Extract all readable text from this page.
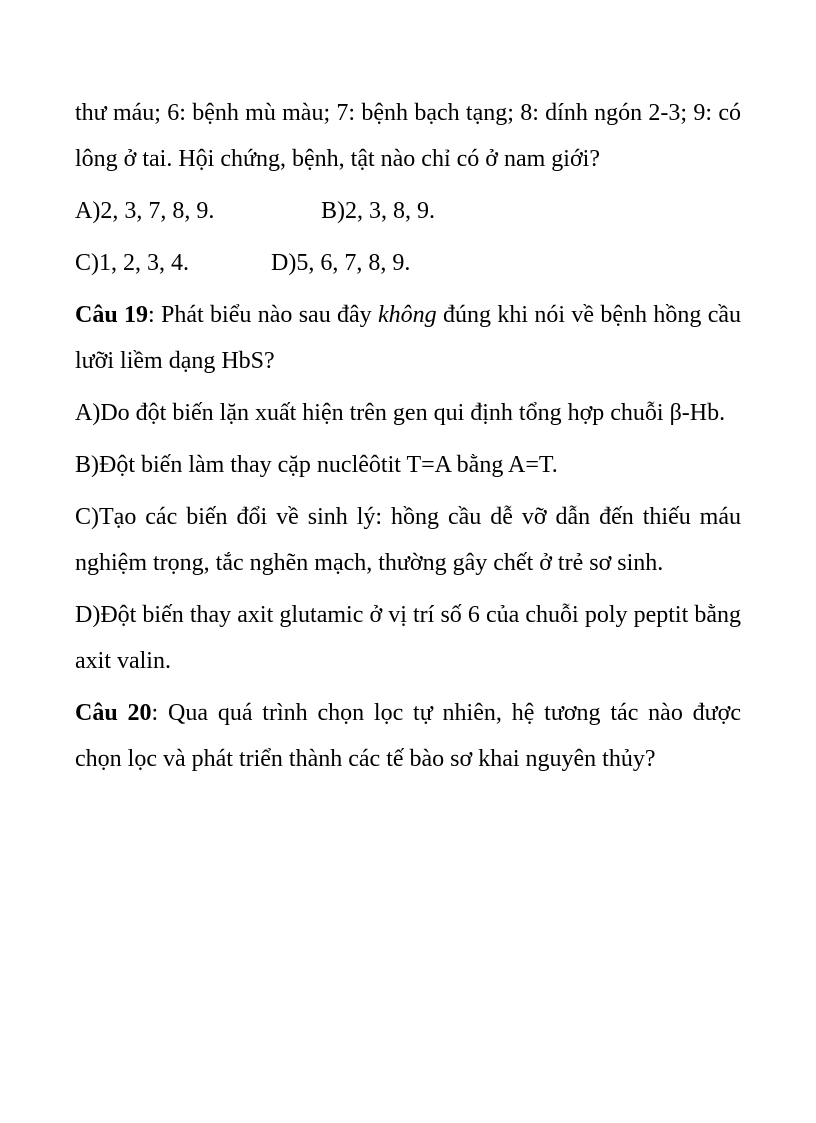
thư máu; 6: bệnh mù màu; 7: bệnh bạch tạng; 8: dính ngón 2-3; 9: có lông ở tai. Hội chứng, bệnh, tật nào chỉ có ở nam giới?

A)2, 3, 7, 8, 9.	B)2, 3, 8, 9.
C)1, 2, 3, 4.	D)5, 6, 7, 8, 9.

Câu 19: Phát biểu nào sau đây không đúng khi nói về bệnh hồng cầu lưỡi liềm dạng HbS?

A)Do đột biến lặn xuất hiện trên gen qui định tổng hợp chuỗi β-Hb.

B)Đột biến làm thay cặp nuclêôtit T=A bằng A=T.

C)Tạo các biến đổi về sinh lý: hồng cầu dễ vỡ dẫn đến thiếu máu nghiệm trọng, tắc nghẽn mạch, thường gây chết ở trẻ sơ sinh.

D)Đột biến thay axit glutamic ở vị trí số 6 của chuỗi poly peptit bằng axit valin.

Câu 20: Qua quá trình chọn lọc tự nhiên, hệ tương tác nào được chọn lọc và phát triển thành các tế bào sơ khai nguyên thủy?
